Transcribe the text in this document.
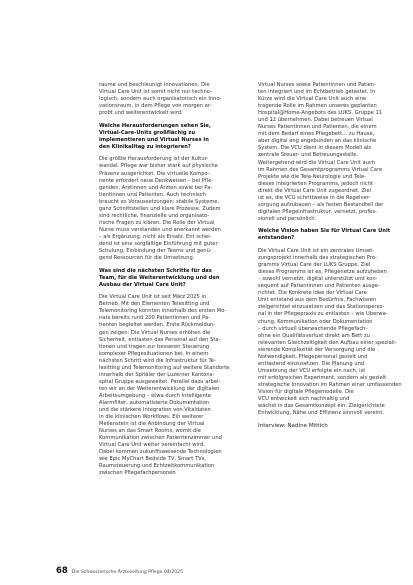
raume und beschleunigt Innovationen. Die
Virtual Care Unit ist somit nicht nur techno-
logisch, sondern auch organisatorisch ein Inno-
vationsraum, in dem Pflege von morgen er-
probt und weiterentwickelt wird.
Welche Herausforderungen sehen Sie,
Virtual-Care-Units großflächig zu
implementieren und Virtual Nurses in
den Klinikalltag zu integrieren?
Die größte Herausforderung ist der Kultur-
wandel. Pflege war bisher stark auf physische
Präsenz ausgerichtet. Die virtuelle Kompo-
nente erfordert neue Denkweisen – bei Pfle-
genden, Ärztinnen und Ärzten sowie bei Pa-
tientinnen und Patienten. Auch technisch
braucht es Voraussetzungen: stabile Systeme,
ganz Schnittstellen und klare Prozesse. Zudem
sind rechtliche, finanzielle und organisato-
rische Fragen zu klären. Die Rolle der Virtual
Nurse muss verstanden und anerkannt werden
– als Ergänzung, nicht als Ersatz. Ent schei-
dend ist eine sorgfältige Einführung mit guter
Schulung, Einbindung der Teams und genü-
gend Ressourcen für die Umsetzung.
Was sind die nächsten Schritte für das
Team, für die Weiterentwicklung und den
Ausbau der Virtual Care Unit?
Die Virtual Care Unit ist seit März 2025 in
Betrieb. Mit den Elementen Telesitting und
Telemonitoring konnten innerhalb des ersten Mo-
nats bereits rund 200 Patientinnen und Pa-
tienten begleitet werden. Erste Rückmeldun-
gen zeigen: Die Virtual Nurses erhöhen die
Sicherheit, entlasten das Personal auf den Sta-
tionen und tragen zur besseren Steuerung
komplexer Pflegesituationen bei. In einem
nächsten Schritt wird die Infrastruktur für Te-
lesitting und Telemonitoring auf weitere Standorte
innerhalb der Spitäler der Luzerner Kantons-
spital Gruppe ausgeweitet. Parallel dazu arbei-
ten wir an der Weiterentwicklung der digitalen
Arbeitsumgebung – etwa durch intelligente
Alarmfilter, automatisierte Dokumentation
und die stärkere Integration von Vitaldaten
in die klinischen Workflows. Ein weiterer
Meilenstein ist die Anbindung der Virtual
Nurses an das Smart Rooms, womit die
Kommunikation zwischen Patientenzimmer und
Virtual Care Unit weiter vereinfacht wird.
Dabei kommen zukunftsweisende Technologien
wie Epic MyChart Bedside TV, Smart TVs,
Raumsteuerung und Echtzeitkommunikation
zwischen Pflegefachpersonen
Virtual Nurses sowie Patientinnen und Patien-
ten integriert und im Echtbetrieb getestet. In
Kürze wird die Virtual Care Unit auch eine
tragende Rolle im Rahmen unseres geplanten
Hospital@Home-Angebots des LUKS, Gruppe 11
und 12 übernehmen. Dabei betreuen Virtual
Nurses Patientinnen und Patienten, die einem
mit dem Bedarf eines Pflegebett... zu Hause,
aber digital eng angebunden an das klinische
System. Die VCU dient in diesem Modell als
zentrale Steuer- und Betreuungsstelle.
Weitergehend wird die Virtual Care Unit auch
im Rahmen des Gesamtprogramms Virtual Care
Projekte wie die Tele-Neurologie und Tele-
dieses integrierten Programms, jedoch nicht
direkt die Virtual Care Unit zugeordnet. Ziel
ist es, die VCU schrittweise in die Regelver-
sorgung aufzubauen – als festen Bestandteil der
digitalen Pflegeinfrastruktur, vernetzt, profes-
sionell und persönlich.
Welche Vision haben Sie für Virtual Care Unit
entstanden?
Die Virtual Care Unit ist ein zentrales Umset-
zungsprojekt innerhalb des strategischen Pro-
gramms Virtual Care der LUKS Gruppe. Ziel
dieses Programms ist es, Pflegenetze aufzuheben
– sowohl vernetzt, digital unterstützt und kon-
sequent auf Patientinnen und Patienten ausge-
richtet. Die Konkrete Idee der Virtual Care
Unit entstand aus dem Bedürfnis, Fachwissen
zielgerichtet einzusetzen und das Stationsperso-
nal in der Pflegepraxis zu entlasten – wie Überwa-
chung, Kommunikation oder Dokumentation
– durch virtuell überwachende Pflegefach-
ohne ein Qualitätsverlust direkt am Bett zu
relevanten Gleichzeitigkeit den Aufbau einer speziali-
sierende Komplexität der Versorgung und die
Notwendigkeit, Pflegepersonal gezielt und
entlastend einzusetzen. Die Planung und
Umsetzung der VCU erfolgte ein nach, ist
mit erfolgreichen Experiment, sondern als gezielt
strategische Innovation im Rahmen einer umfassenden
Vision für digitale Pflegemodelle. Die
VCU entwickelt sich nachhaltig und
wächst in das Gesamtkonzept ein. Zielgerichtete
Entwicklung, Nähe und Effizienz sinnvoll vereint.
Interview: Nadine Mittich
68 Die Schweizerische Ärztezeitung Pflege 04/2025
